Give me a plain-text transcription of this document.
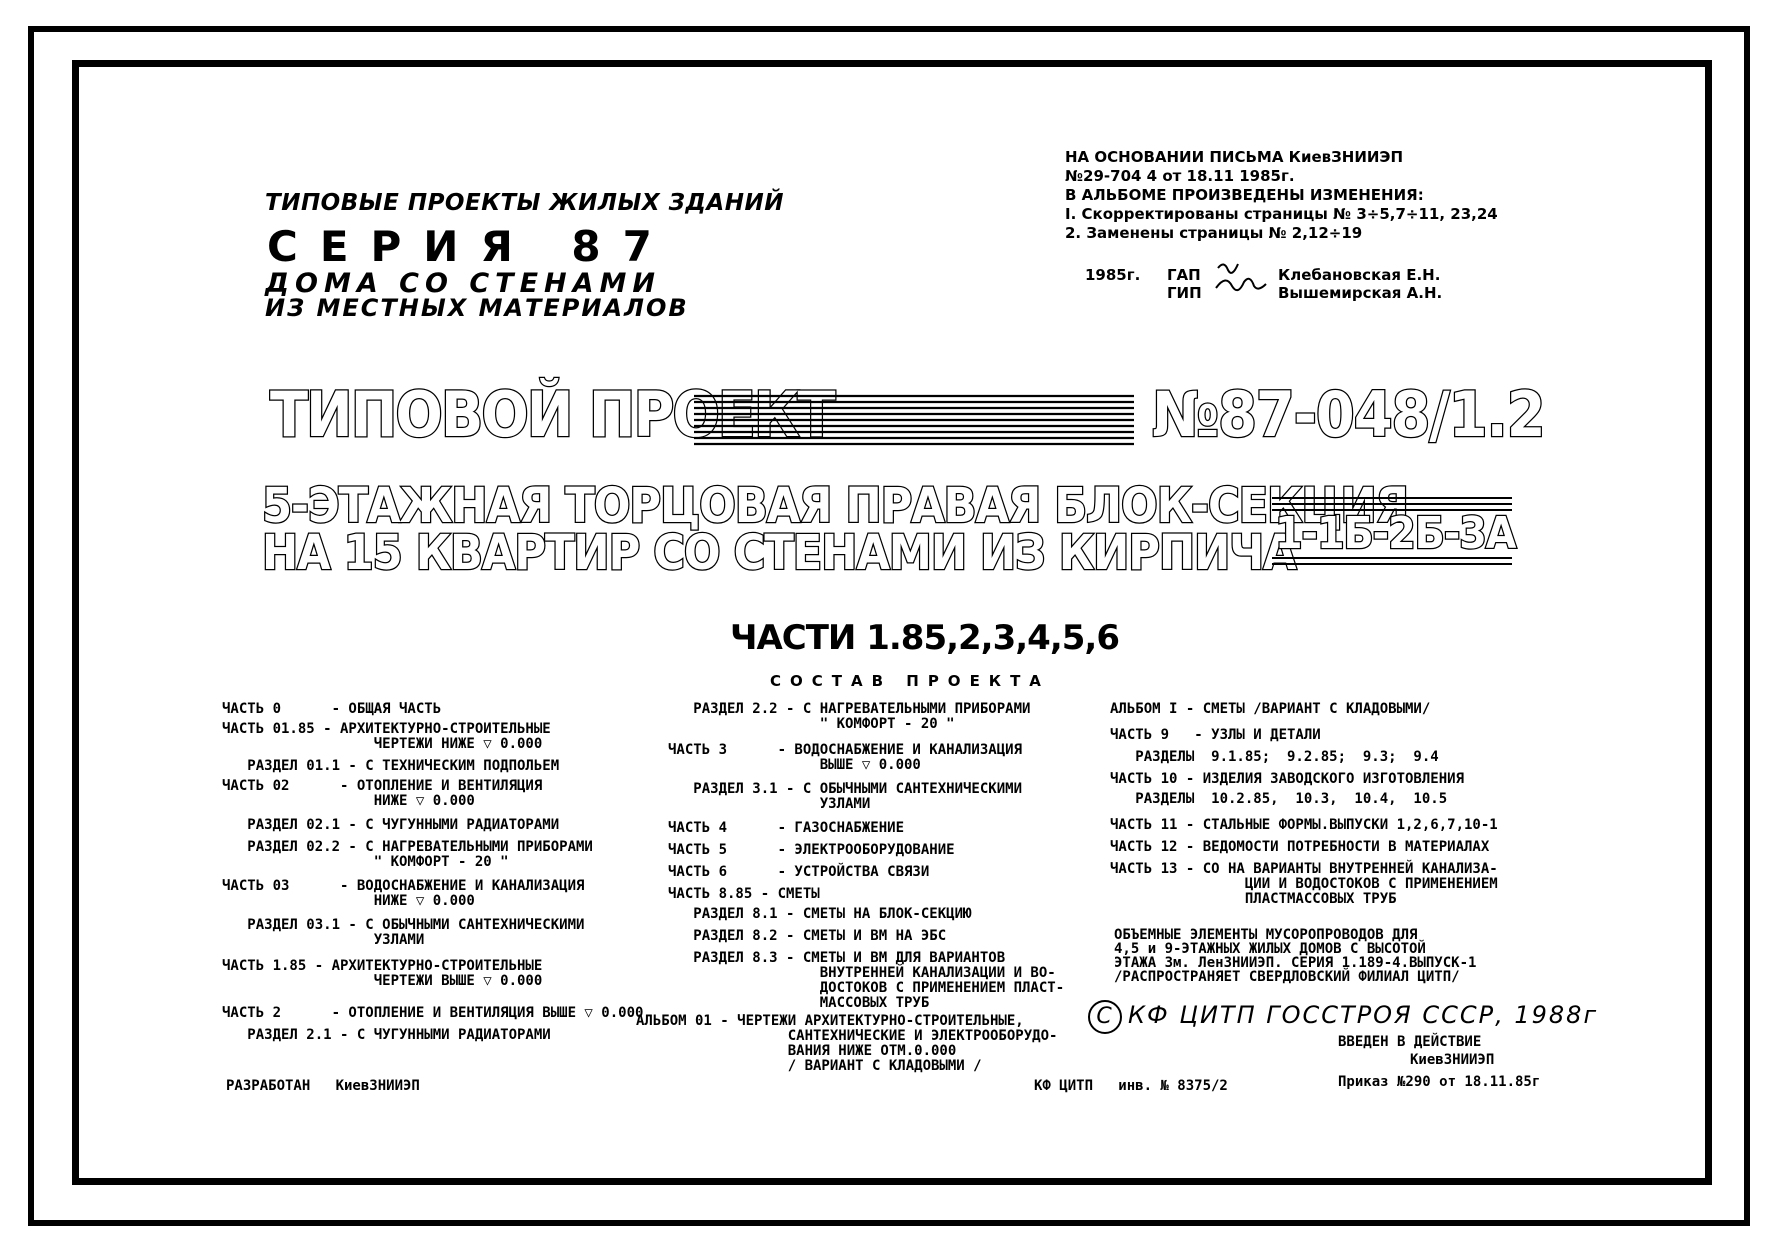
ТИПОВЫЕ ПРОЕКТЫ ЖИЛЫХ ЗДАНИЙ
СЕРИЯ 87
ДОМА СО СТЕНАМИ
ИЗ МЕСТНЫХ МАТЕРИАЛОВ
НА ОСНОВАНИИ ПИСЬМА КиевЗНИИЭП
№29-704 4 от 18.11 1985г.
В АЛЬБОМЕ ПРОИЗВЕДЕНЫ ИЗМЕНЕНИЯ:
I. Скорректированы страницы № 3÷5,7÷11, 23,24
2. Заменены страницы № 2,12÷19
1985г. ГАП
ГИП
Клебановская Е.Н.
Вышемирская А.Н.
ТИПОВОЙ ПРОЕКТ	№87-048/1.2
5-ЭТАЖНАЯ ТОРЦОВАЯ ПРАВАЯ БЛОК-СЕКЦИЯ
НА 15 КВАРТИР СО СТЕНАМИ ИЗ КИРПИЧА
1-1Б-2Б-3А
ЧАСТИ 1.85,2,3,4,5,6
СОСТАВ ПРОЕКТА
ЧАСТЬ 0      - ОБЩАЯ ЧАСТЬ
ЧАСТЬ 01.85 - АРХИТЕКТУРНО-СТРОИТЕЛЬНЫЕ
ЧЕРТЕЖИ НИЖЕ ▽ 0.000
РАЗДЕЛ 01.1 - С ТЕХНИЧЕСКИМ ПОДПОЛЬЕМ
ЧАСТЬ 02      - ОТОПЛЕНИЕ И ВЕНТИЛЯЦИЯ
НИЖЕ ▽ 0.000
РАЗДЕЛ 02.1 - С ЧУГУННЫМИ РАДИАТОРАМИ
РАЗДЕЛ 02.2 - С НАГРЕВАТЕЛЬНЫМИ ПРИБОРАМИ
" КОМФОРТ - 20 "
ЧАСТЬ 03      - ВОДОСНАБЖЕНИЕ И КАНАЛИЗАЦИЯ
НИЖЕ ▽ 0.000
РАЗДЕЛ 03.1 - С ОБЫЧНЫМИ САНТЕХНИЧЕСКИМИ
УЗЛАМИ
ЧАСТЬ 1.85 - АРХИТЕКТУРНО-СТРОИТЕЛЬНЫЕ
ЧЕРТЕЖИ ВЫШЕ ▽ 0.000
ЧАСТЬ 2      - ОТОПЛЕНИЕ И ВЕНТИЛЯЦИЯ ВЫШЕ ▽ 0.000
РАЗДЕЛ 2.1 - С ЧУГУННЫМИ РАДИАТОРАМИ
РАЗДЕЛ 2.2 - С НАГРЕВАТЕЛЬНЫМИ ПРИБОРАМИ
" КОМФОРТ - 20 "
ЧАСТЬ 3      - ВОДОСНАБЖЕНИЕ И КАНАЛИЗАЦИЯ
ВЫШЕ ▽ 0.000
РАЗДЕЛ 3.1 - С ОБЫЧНЫМИ САНТЕХНИЧЕСКИМИ
УЗЛАМИ
ЧАСТЬ 4      - ГАЗОСНАБЖЕНИЕ
ЧАСТЬ 5      - ЭЛЕКТРООБОРУДОВАНИЕ
ЧАСТЬ 6      - УСТРОЙСТВА СВЯЗИ
ЧАСТЬ 8.85 - СМЕТЫ
РАЗДЕЛ 8.1 - СМЕТЫ НА БЛОК-СЕКЦИЮ
РАЗДЕЛ 8.2 - СМЕТЫ И ВМ НА ЭБС
РАЗДЕЛ 8.3 - СМЕТЫ И ВМ ДЛЯ ВАРИАНТОВ
ВНУТРЕННЕЙ КАНАЛИЗАЦИИ И ВО-
ДОСТОКОВ С ПРИМЕНЕНИЕМ ПЛАСТ-
МАССОВЫХ ТРУБ
АЛЬБОМ 01 - ЧЕРТЕЖИ АРХИТЕКТУРНО-СТРОИТЕЛЬНЫЕ,
САНТЕХНИЧЕСКИЕ И ЭЛЕКТРООБОРУДО-
ВАНИЯ НИЖЕ ОТМ.0.000
/ ВАРИАНТ С КЛАДОВЫМИ /
АЛЬБОМ I - СМЕТЫ /ВАРИАНТ С КЛАДОВЫМИ/
ЧАСТЬ 9   - УЗЛЫ И ДЕТАЛИ
РАЗДЕЛЫ  9.1.85;  9.2.85;  9.3;  9.4
ЧАСТЬ 10 - ИЗДЕЛИЯ ЗАВОДСКОГО ИЗГОТОВЛЕНИЯ
РАЗДЕЛЫ  10.2.85,  10.3,  10.4,  10.5
ЧАСТЬ 11 - СТАЛЬНЫЕ ФОРМЫ.ВЫПУСКИ 1,2,6,7,10-1
ЧАСТЬ 12 - ВЕДОМОСТИ ПОТРЕБНОСТИ В МАТЕРИАЛАХ
ЧАСТЬ 13 - СО НА ВАРИАНТЫ ВНУТРЕННЕЙ КАНАЛИЗА-
ЦИИ И ВОДОСТОКОВ С ПРИМЕНЕНИЕМ
ПЛАСТМАССОВЫХ ТРУБ
ОБЪЕМНЫЕ ЭЛЕМЕНТЫ МУСОРОПРОВОДОВ ДЛЯ
4,5 и 9-ЭТАЖНЫХ ЖИЛЫХ ДОМОВ С ВЫСОТОЙ
ЭТАЖА 3м. ЛенЗНИИЭП. СЕРИЯ 1.189-4.ВЫПУСК-1
/РАСПРОСТРАНЯЕТ СВЕРДЛОВСКИЙ ФИЛИАЛ ЦИТП/
C КФ ЦИТП ГОССТРОЯ СССР, 1988г
РАЗРАБОТАН   КиевЗНИИЭП	КФ ЦИТП   инв. № 8375/2
ВВЕДЕН В ДЕЙСТВИЕ
КиевЗНИИЭП
Приказ №290 от 18.11.85г
